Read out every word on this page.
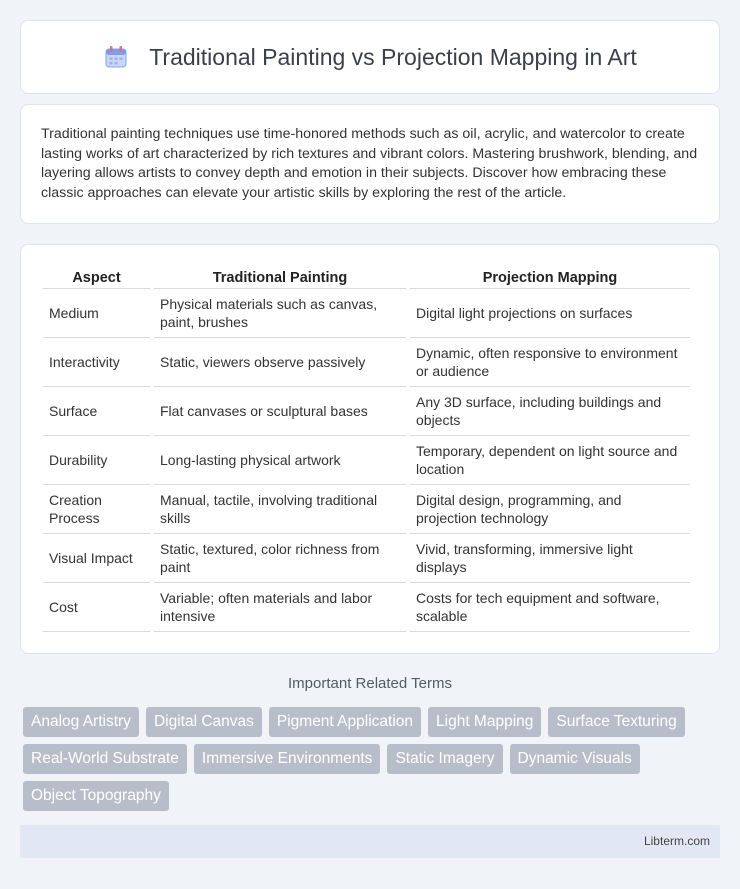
Traditional Painting vs Projection Mapping in Art

Traditional painting techniques use time-honored methods such as oil, acrylic, and watercolor to create lasting works of art characterized by rich textures and vibrant colors. Mastering brushwork, blending, and layering allows artists to convey depth and emotion in their subjects. Discover how embracing these classic approaches can elevate your artistic skills by exploring the rest of the article.

Aspect	Traditional Painting	Projection Mapping
Medium	Physical materials such as canvas, paint, brushes	Digital light projections on surfaces
Interactivity	Static, viewers observe passively	Dynamic, often responsive to environment or audience
Surface	Flat canvases or sculptural bases	Any 3D surface, including buildings and objects
Durability	Long-lasting physical artwork	Temporary, dependent on light source and location
Creation Process	Manual, tactile, involving traditional skills	Digital design, programming, and projection technology
Visual Impact	Static, textured, color richness from paint	Vivid, transforming, immersive light displays
Cost	Variable; often materials and labor intensive	Costs for tech equipment and software, scalable
Important Related Terms
Analog Artistry	Digital Canvas	Pigment Application	Light Mapping	Surface Texturing
Real-World Substrate	Immersive Environments	Static Imagery	Dynamic Visuals
Object Topography
Libterm.com
